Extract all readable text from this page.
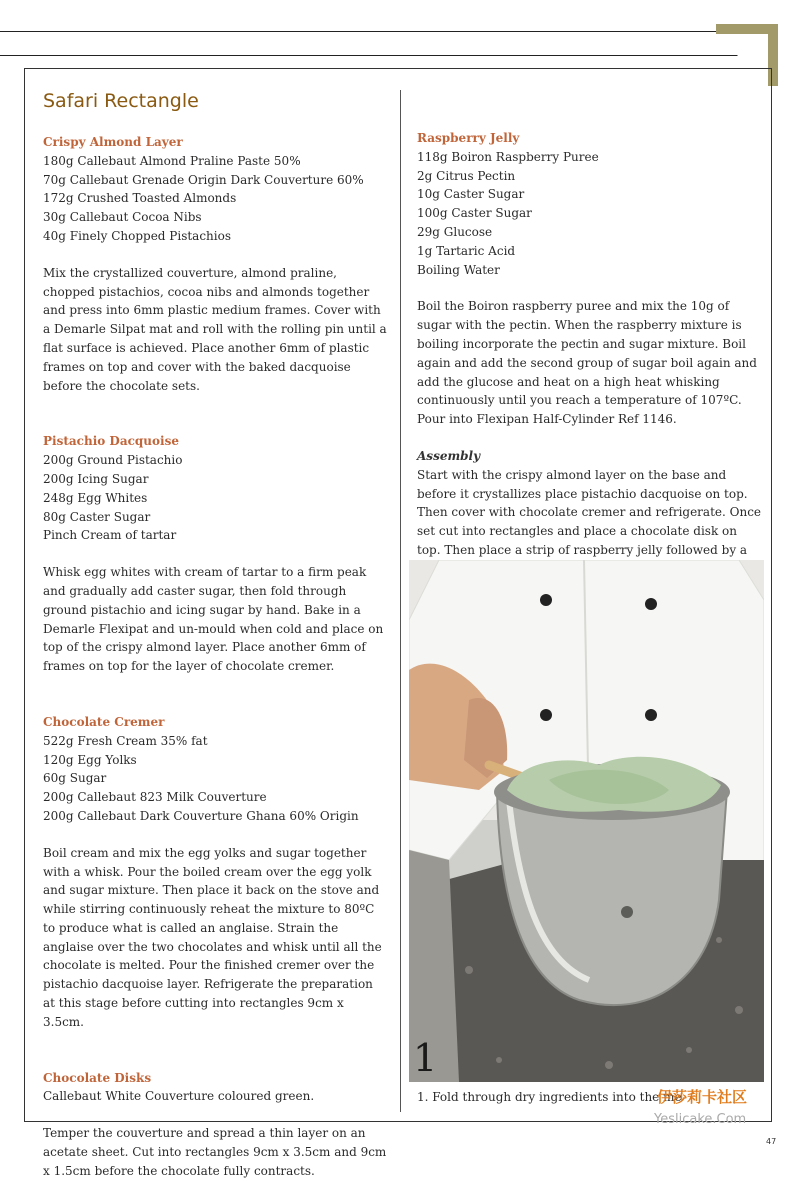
Safari Rectangle
Crispy Almond Layer
180g Callebaut Almond Praline Paste 50%
70g Callebaut Grenade Origin Dark Couverture 60%
172g Crushed Toasted Almonds
30g Callebaut Cocoa Nibs
40g Finely Chopped Pistachios

Mix the crystallized couverture, almond praline, chopped pistachios, cocoa nibs and almonds together and press into 6mm plastic medium frames. Cover with a Demarle Silpat mat and roll with the rolling pin until a flat surface is achieved. Place another 6mm of plastic frames on top and cover with the baked dacquoise before the chocolate sets.

Pistachio Dacquoise
200g Ground Pistachio
200g Icing Sugar
248g Egg Whites
80g Caster Sugar
Pinch Cream of tartar

Whisk egg whites with cream of tartar to a firm peak and gradually add caster sugar, then fold through ground pistachio and icing sugar by hand. Bake in a Demarle Flexipat and un-mould when cold and place on top of the crispy almond layer. Place another 6mm of frames on top for the layer of chocolate cremer.

Chocolate Cremer
522g Fresh Cream 35% fat
120g Egg Yolks
60g Sugar
200g Callebaut 823 Milk Couverture
200g Callebaut Dark Couverture Ghana 60% Origin

Boil cream and mix the egg yolks and sugar together with a whisk. Pour the boiled cream over the egg yolk and sugar mixture. Then place it back on the stove and while stirring continuously reheat the mixture to 80ºC to produce what is called an anglaise. Strain the anglaise over the two chocolates and whisk until all the chocolate is melted. Pour the finished cremer over the pistachio dacquoise layer. Refrigerate the preparation at this stage before cutting into rectangles 9cm x 3.5cm.

Chocolate Disks
Callebaut White Couverture coloured green.

Temper the couverture and spread a thin layer on an acetate sheet. Cut into rectangles 9cm x 3.5cm and 9cm x 1.5cm before the chocolate fully contracts.

Raspberry Jelly
118g Boiron Raspberry Puree
2g Citrus Pectin
10g Caster Sugar
100g Caster Sugar
29g Glucose
1g Tartaric Acid
Boiling Water

Boil the Boiron raspberry puree and mix the 10g of sugar with the pectin. When the raspberry mixture is boiling incorporate the pectin and sugar mixture. Boil again and add the second group of sugar boil again and add the glucose and heat on a high heat whisking continuously until you reach a temperature of 107ºC. Pour into Flexipan Half-Cylinder Ref 1146.

Assembly

Start with the crispy almond layer on the base and before it crystallizes place pistachio dacquoise on top. Then cover with chocolate cremer and refrigerate. Once set cut into rectangles and place a chocolate disk on top. Then place a strip of raspberry jelly followed by a

1
1. Fold through dry ingredients into the me
伊莎莉卡社区
Yeslicake.Com
47
